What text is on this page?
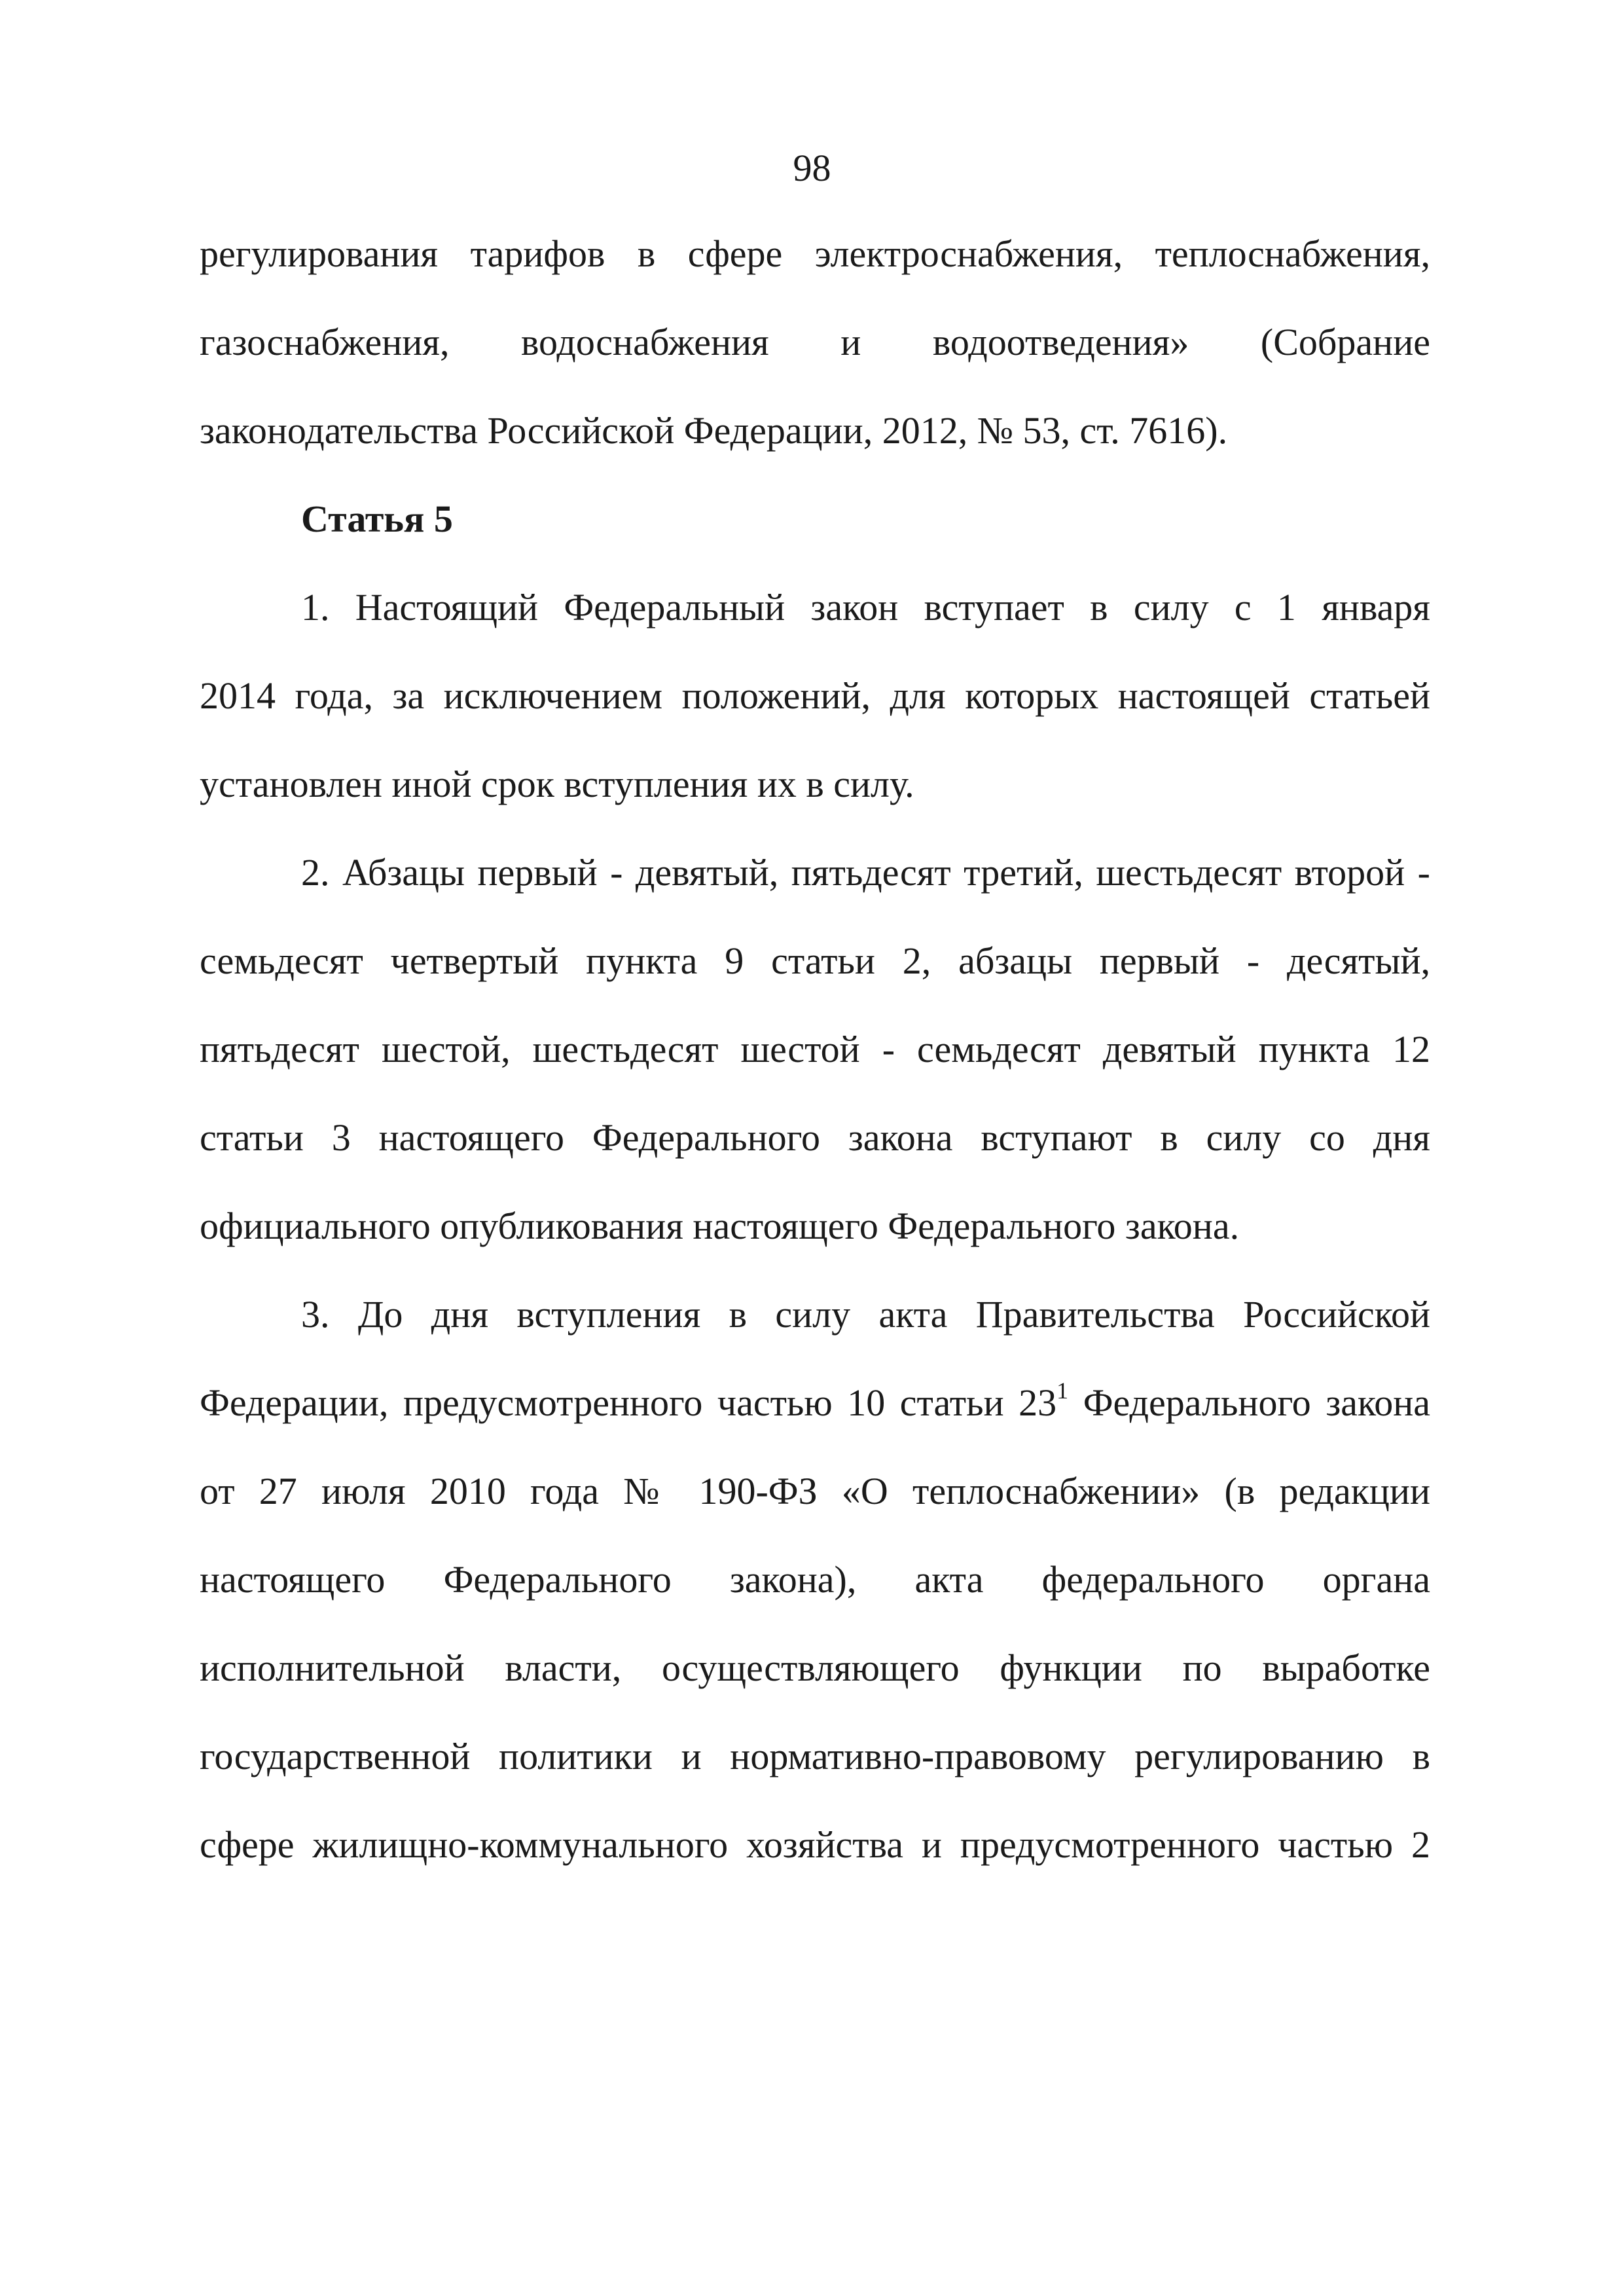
98
регулирования тарифов в сфере электроснабжения, теплоснабжения,
газоснабжения, водоснабжения и водоотведения» (Собрание
законодательства Российской Федерации, 2012, № 53, ст. 7616).
Статья 5
1. Настоящий Федеральный закон вступает в силу с 1 января
2014 года, за исключением положений, для которых настоящей статьей
установлен иной срок вступления их в силу.
2. Абзацы первый - девятый, пятьдесят третий, шестьдесят второй -
семьдесят четвертый пункта 9 статьи 2, абзацы первый - десятый,
пятьдесят шестой, шестьдесят шестой - семьдесят девятый пункта 12
статьи 3 настоящего Федерального закона вступают в силу со дня
официального опубликования настоящего Федерального закона.
3. До дня вступления в силу акта Правительства Российской
Федерации, предусмотренного частью 10 статьи $23^1$ Федерального закона
от 27 июля 2010 года № 190-ФЗ «О теплоснабжении» (в редакции
настоящего Федерального закона), акта федерального органа
исполнительной власти, осуществляющего функции по выработке
государственной политики и нормативно-правовому регулированию в
сфере жилищно-коммунального хозяйства и предусмотренного частью 2
